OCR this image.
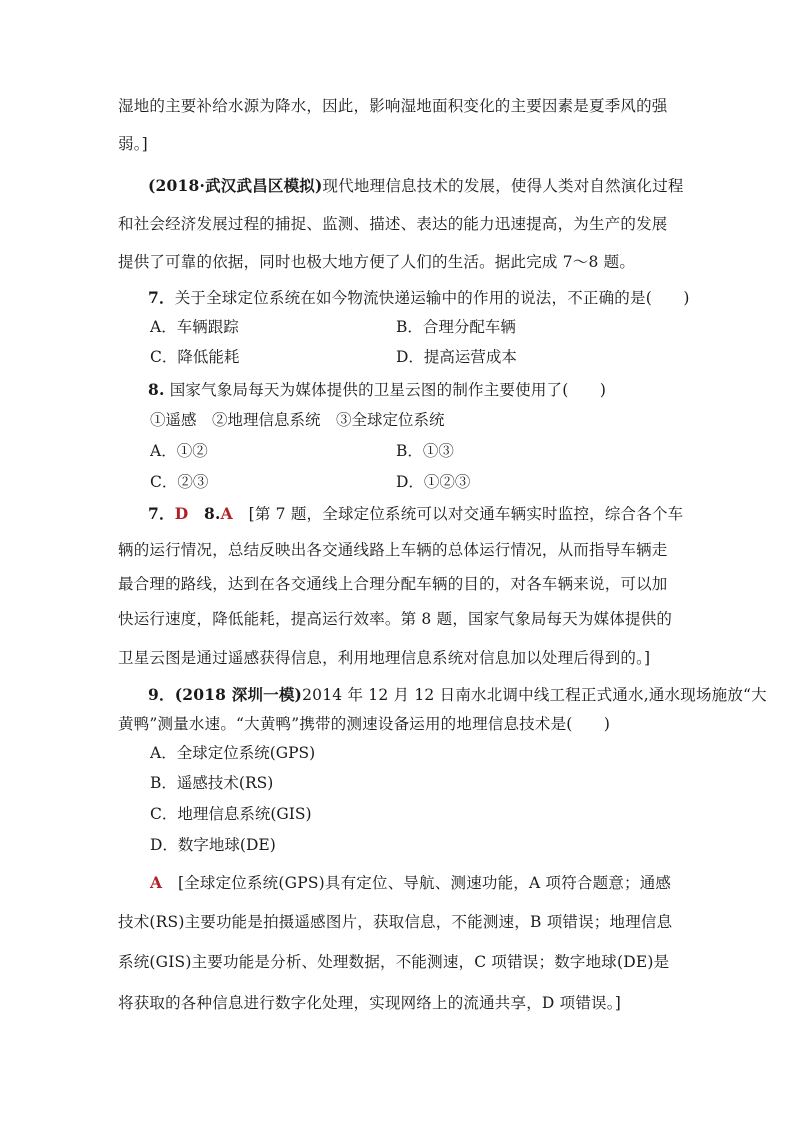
湿地的主要补给水源为降水，因此，影响湿地面积变化的主要因素是夏季风的强
弱。]
(2018·武汉武昌区模拟)现代地理信息技术的发展，使得人类对自然演化过程
和社会经济发展过程的捕捉、监测、描述、表达的能力迅速提高，为生产的发展
提供了可靠的依据，同时也极大地方便了人们的生活。据此完成 7～8 题。
7．关于全球定位系统在如今物流快递运输中的作用的说法，不正确的是(　　)
A．车辆跟踪	B．合理分配车辆
C．降低能耗	D．提高运营成本
8. 国家气象局每天为媒体提供的卫星云图的制作主要使用了(　　)
①遥感　②地理信息系统　③全球定位系统
A．①②	B．①③
C．②③	D．①②③
7．D　 8.A　 [第 7 题，全球定位系统可以对交通车辆实时监控，综合各个车
辆的运行情况，总结反映出各交通线路上车辆的总体运行情况，从而指导车辆走
最合理的路线，达到在各交通线上合理分配车辆的目的，对各车辆来说，可以加
快运行速度，降低能耗，提高运行效率。第 8 题，国家气象局每天为媒体提供的
卫星云图是通过遥感获得信息，利用地理信息系统对信息加以处理后得到的。]
9．(2018 深圳一模)2014 年 12 月 12 日南水北调中线工程正式通水,通水现场施放“大
黄鸭”测量水速。“大黄鸭”携带的测速设备运用的地理信息技术是(　　)
A．全球定位系统(GPS)
B．遥感技术(RS)
C．地理信息系统(GIS)
D．数字地球(DE)
A　 [全球定位系统(GPS)具有定位、导航、测速功能，A 项符合题意；通感
技术(RS)主要功能是拍摄遥感图片，获取信息，不能测速，B 项错误；地理信息
系统(GIS)主要功能是分析、处理数据，不能测速，C 项错误；数字地球(DE)是
将获取的各种信息进行数字化处理，实现网络上的流通共享，D 项错误。]
